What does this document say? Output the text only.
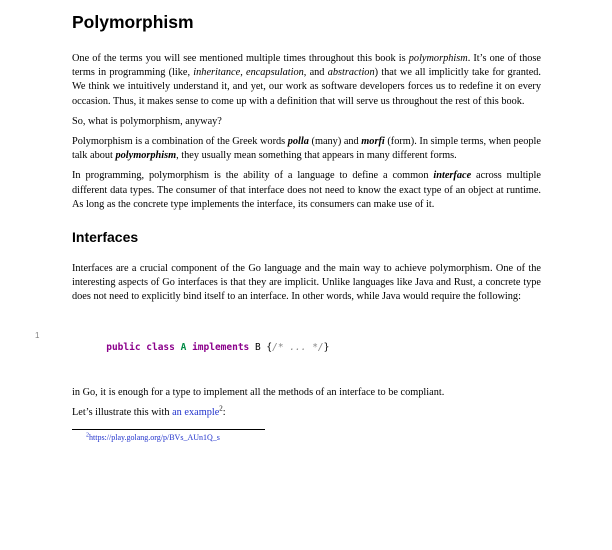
Polymorphism

One of the terms you will see mentioned multiple times throughout this book is polymorphism. It’s one of those terms in programming (like, inheritance, encapsulation, and abstraction) that we all implicitly take for granted. We think we intuitively understand it, and yet, our work as software developers forces us to redefine it on every occasion. Thus, it makes sense to come up with a definition that will serve us throughout the rest of this book.

So, what is polymorphism, anyway?

Polymorphism is a combination of the Greek words polla (many) and morfi (form). In simple terms, when people talk about polymorphism, they usually mean something that appears in many different forms.

In programming, polymorphism is the ability of a language to define a common interface across multiple different data types. The consumer of that interface does not need to know the exact type of an object at runtime. As long as the concrete type implements the interface, its consumers can make use of it.

Interfaces

Interfaces are a crucial component of the Go language and the main way to achieve polymorphism. One of the interesting aspects of Go interfaces is that they are implicit. Unlike languages like Java and Rust, a concrete type does not need to explicitly bind itself to an interface. In other words, while Java would require the following:

1
public class A implements B {/* ... */}

in Go, it is enough for a type to implement all the methods of an interface to be compliant.

Let’s illustrate this with an example$^2$:

$^2$https://play.golang.org/p/BVs_AUn1Q_s
